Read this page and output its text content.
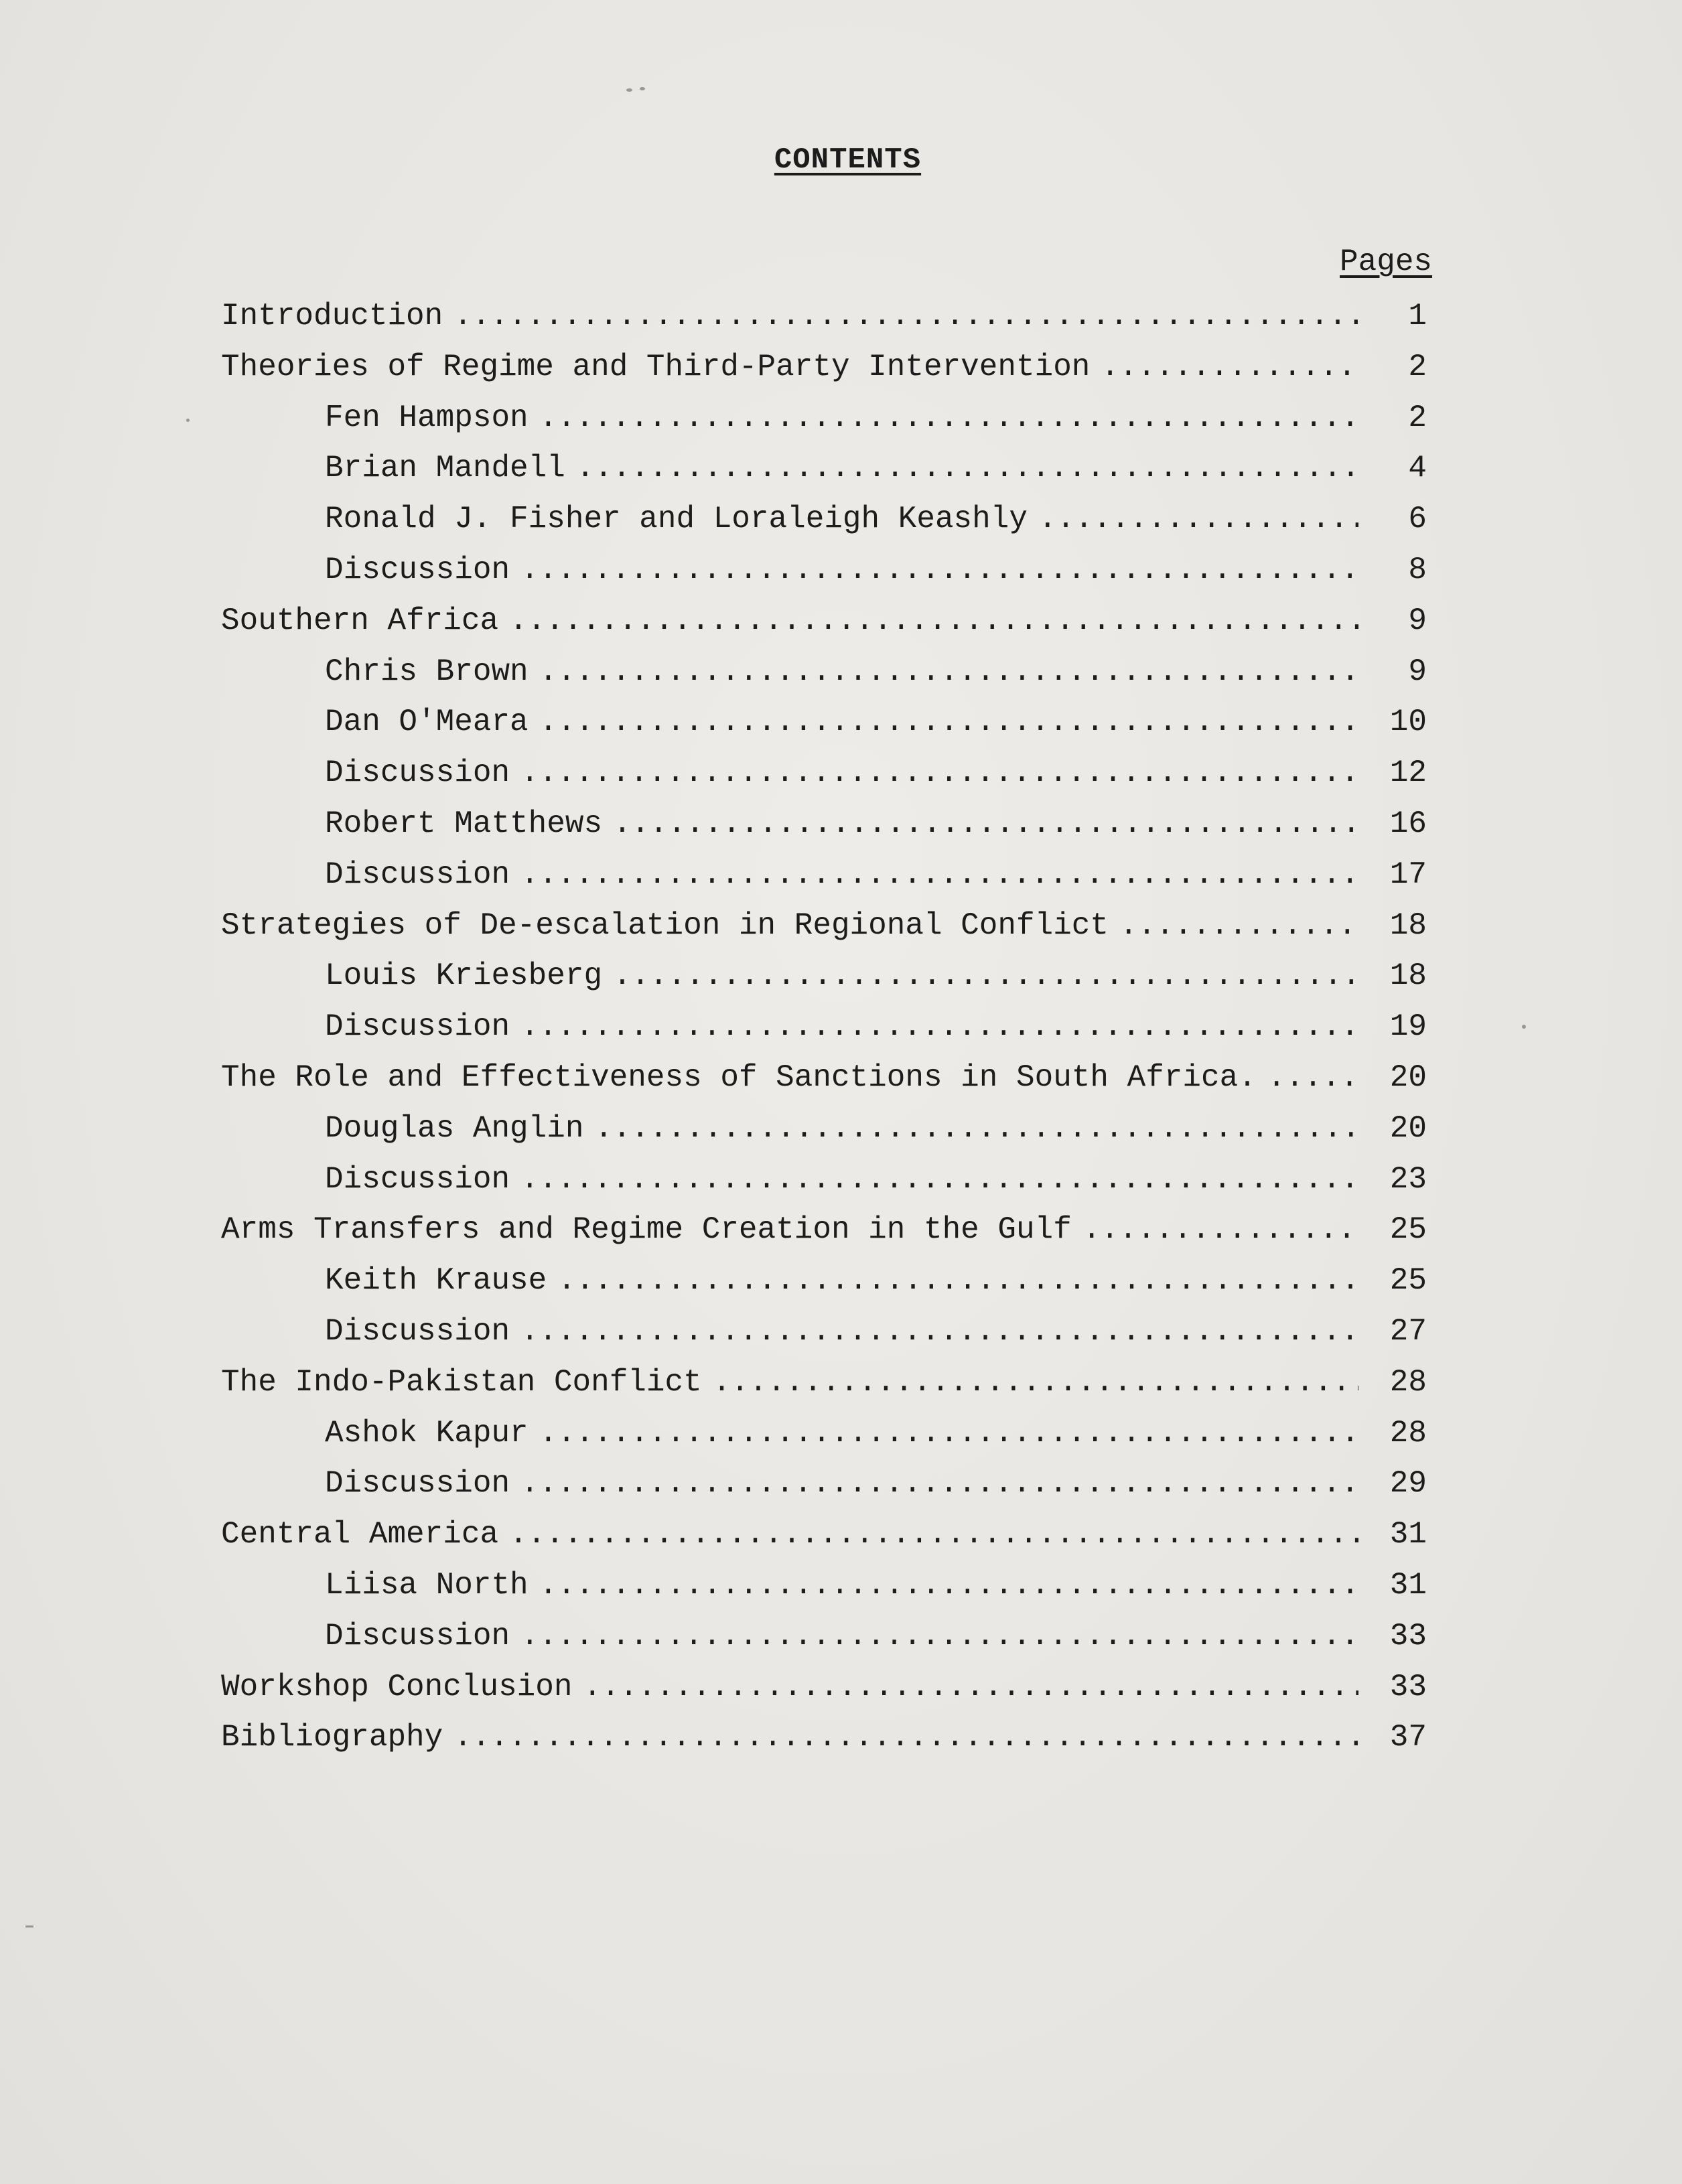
CONTENTS
Pages
Introduction . . .	1
Theories of Regime and Third-Party Intervention . . .	2
Fen Hampson . . .	2
Brian Mandell . . .	4
Ronald J. Fisher and Loraleigh Keashly . . .	6
Discussion . . .	8
Southern Africa . . .	9
Chris Brown . . .	9
Dan O'Meara . . .	10
Discussion . . .	12
Robert Matthews . . .	16
Discussion . . .	17
Strategies of De-escalation in Regional Conflict . . .	18
Louis Kriesberg . . .	18
Discussion . . .	19
The Role and Effectiveness of Sanctions in South Africa. . . .	20
Douglas Anglin . . .	20
Discussion . . .	23
Arms Transfers and Regime Creation in the Gulf . . .	25
Keith Krause . . .	25
Discussion . . .	27
The Indo-Pakistan Conflict . . .	28
Ashok Kapur . . .	28
Discussion . . .	29
Central America . . .	31
Liisa North . . .	31
Discussion . . .	33
Workshop Conclusion . . .	33
Bibliography . . .	37
